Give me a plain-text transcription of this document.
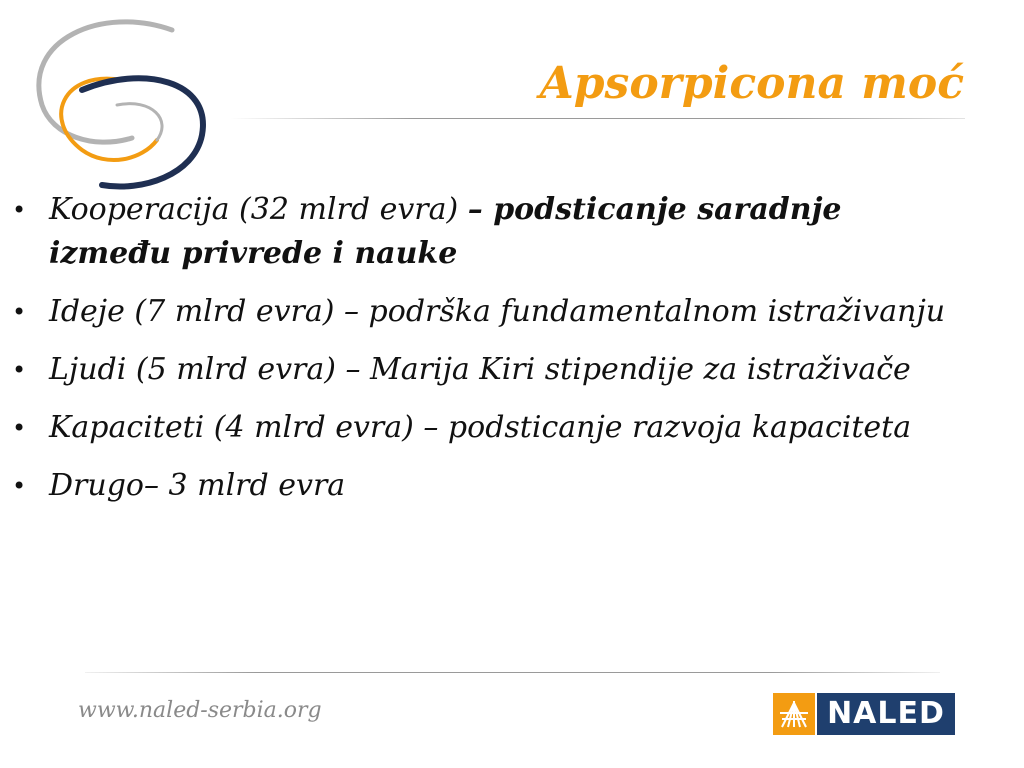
Apsorpicona moć
• Kooperacija (32 mlrd evra) – podsticanje saradnje između privrede i nauke
• Ideje (7 mlrd evra) – podrška fundamentalnom istraživanju
• Ljudi (5 mlrd evra) – Marija Kiri stipendije za istraživače
• Kapaciteti (4 mlrd evra) – podsticanje razvoja kapaciteta
• Drugo– 3 mlrd evra
www.naled-serbia.org	NALED
